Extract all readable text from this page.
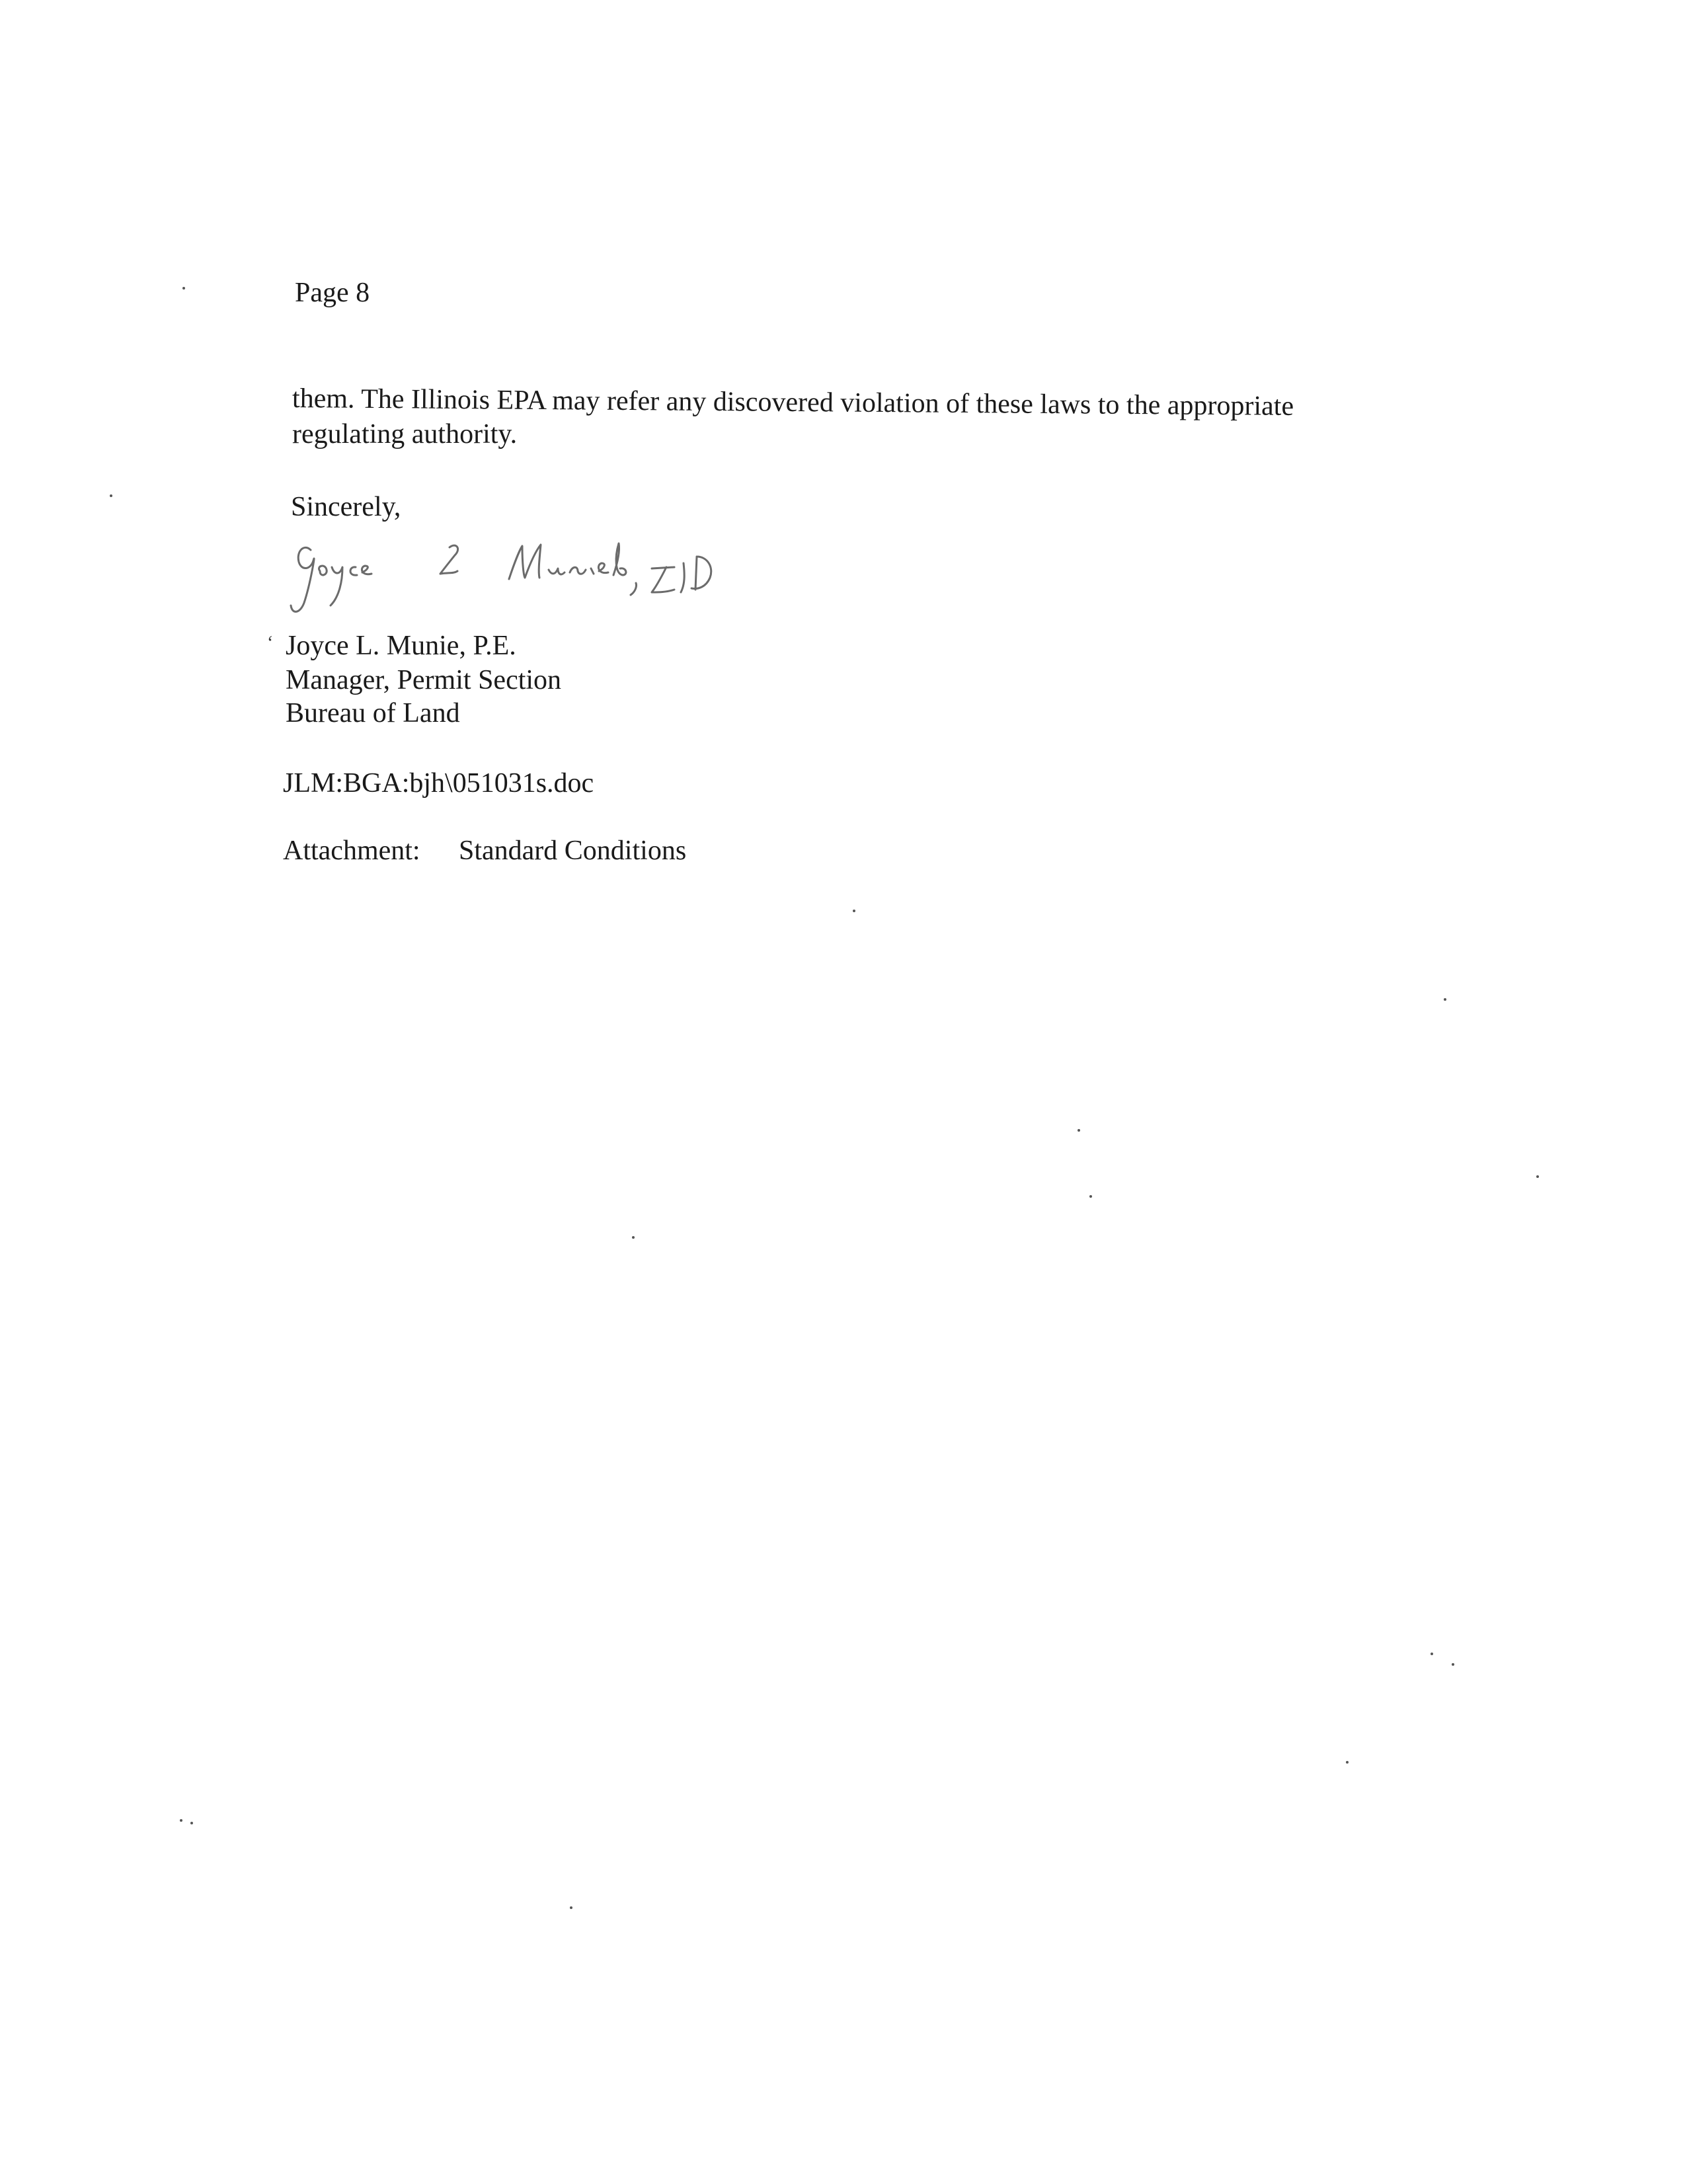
Page 8
them. The Illinois EPA may refer any discovered violation of these laws to the appropriate
regulating authority.
Sincerely,
‘ Joyce L. Munie, P.E.
Manager, Permit Section
Bureau of Land
JLM:BGA:bjh\051031s.doc
Attachment: Standard Conditions
